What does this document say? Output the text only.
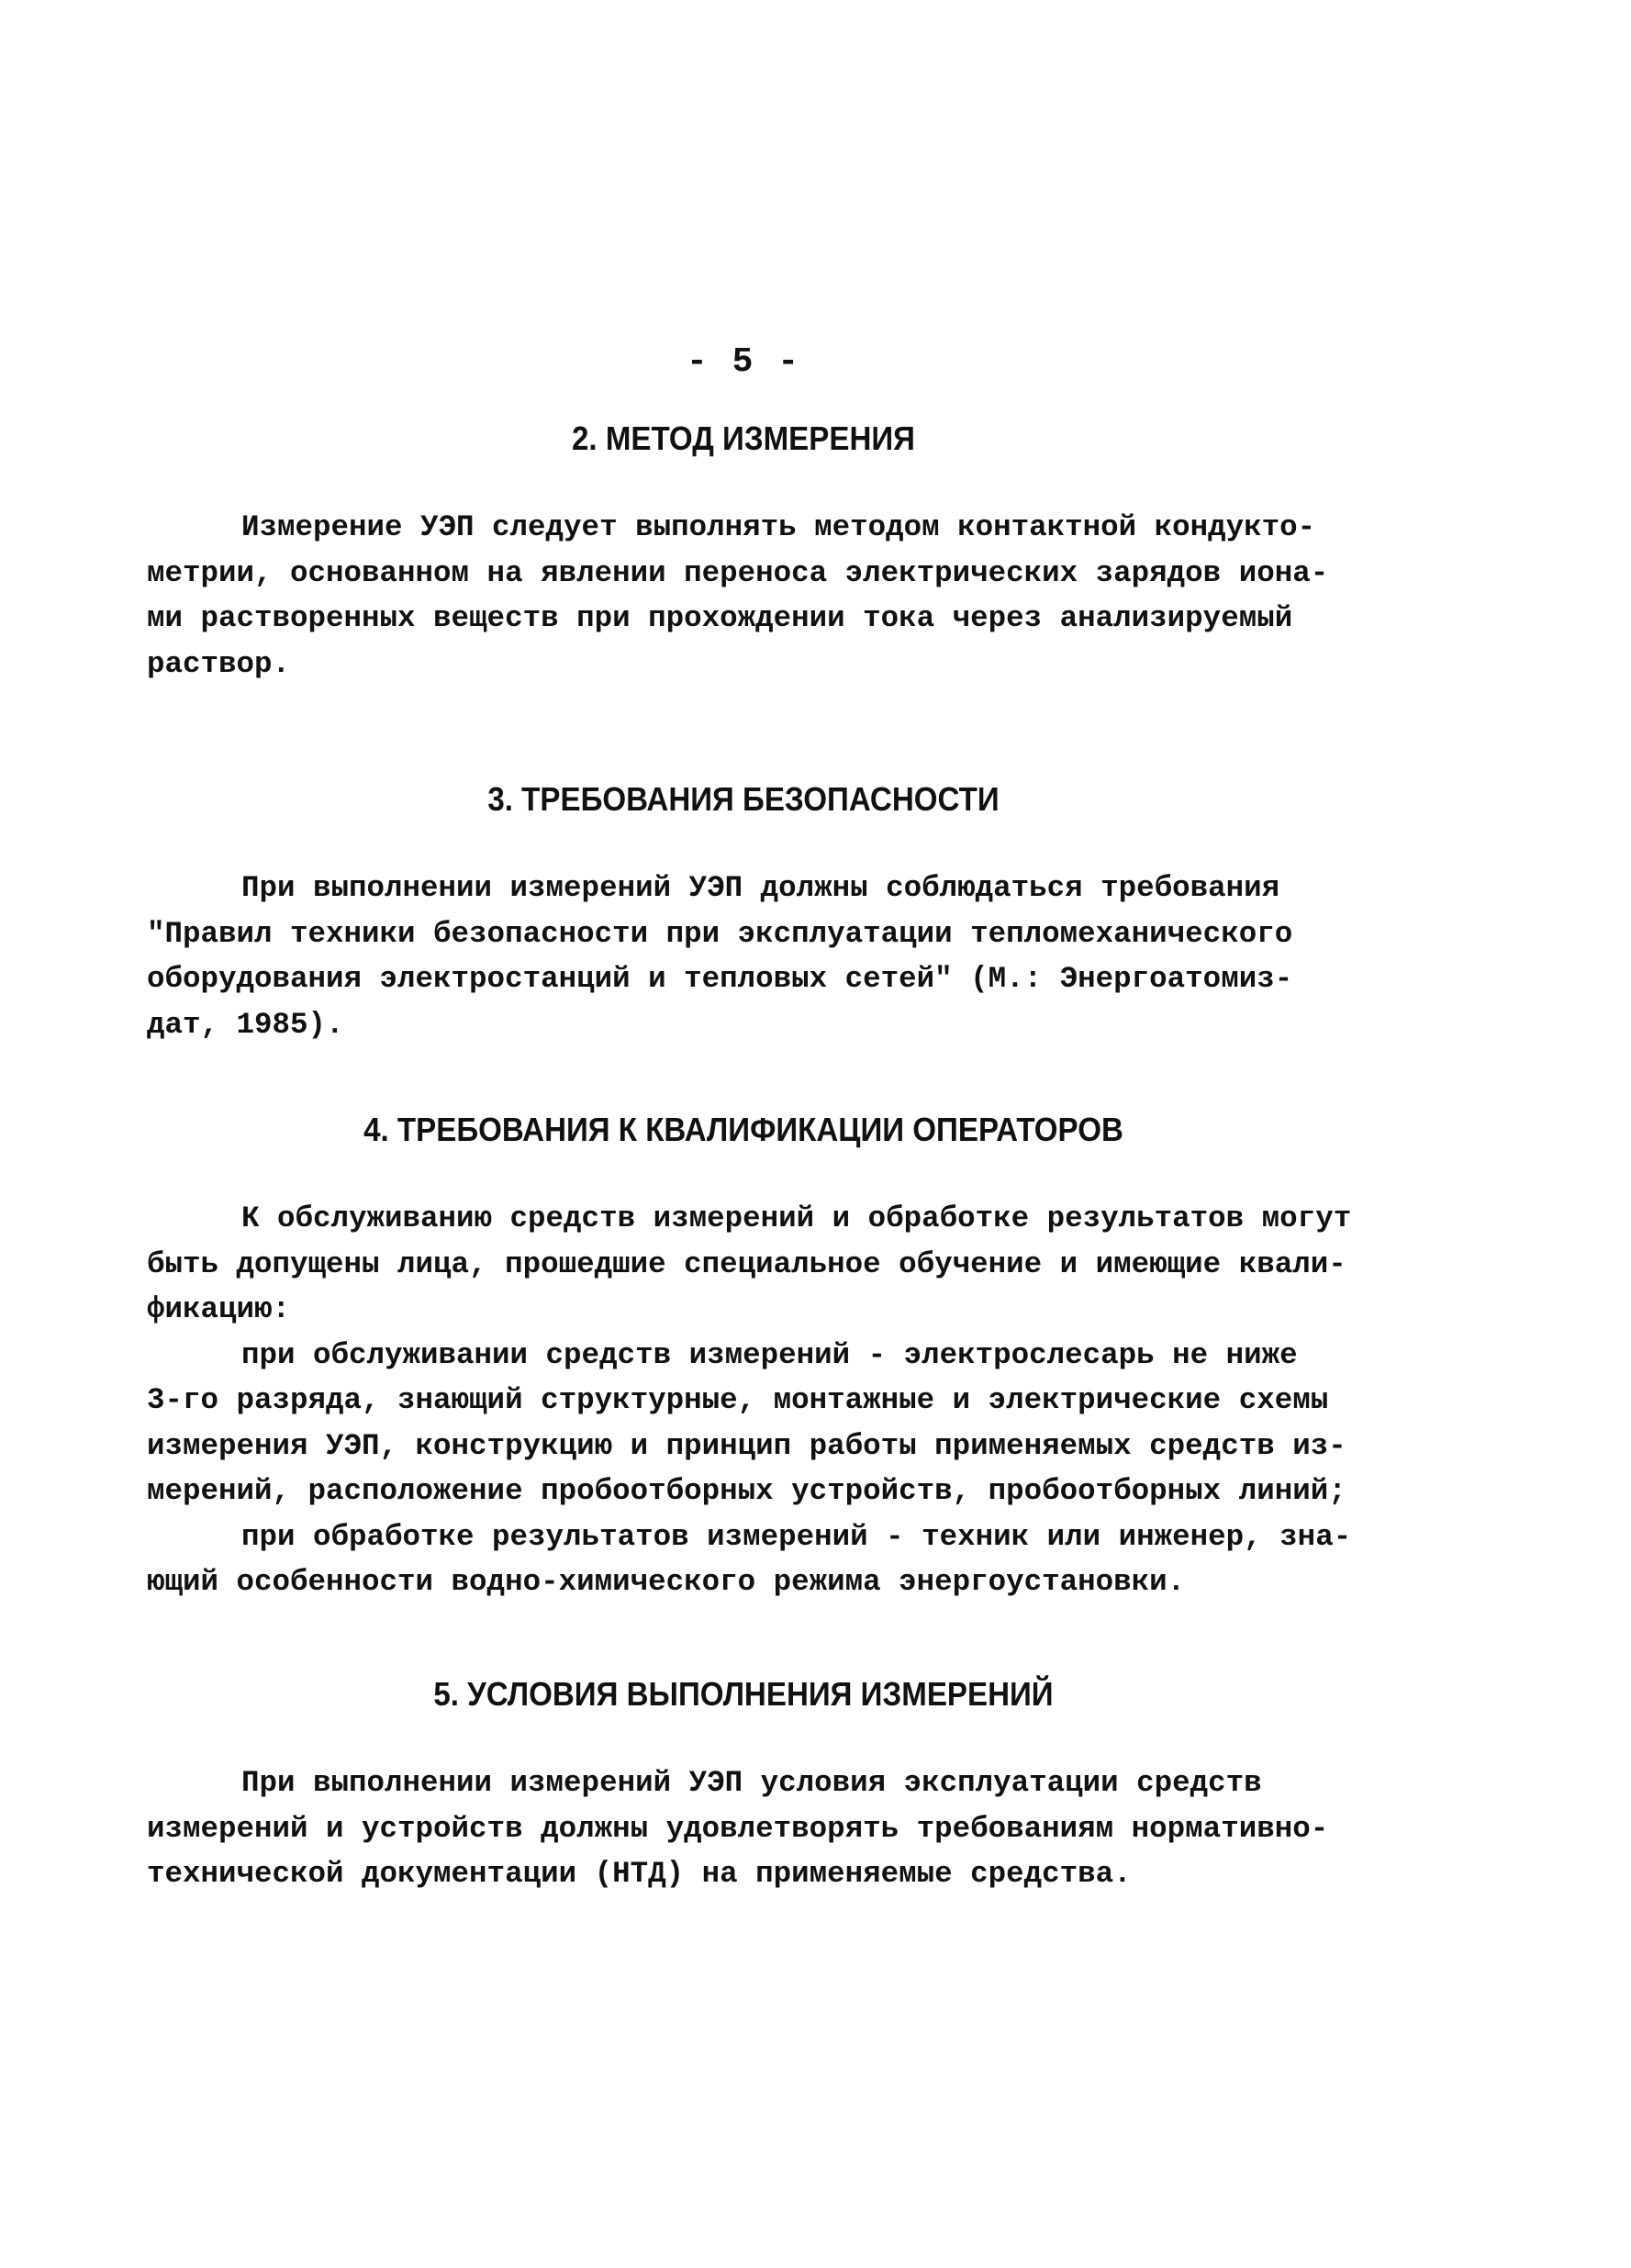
- 5 -
2. МЕТОД ИЗМЕРЕНИЯ
Измерение УЭП следует выполнять методом контактной кондукто-
метрии, основанном на явлении переноса электрических зарядов иона-
ми растворенных веществ при прохождении тока через анализируемый
раствор.
3. ТРЕБОВАНИЯ БЕЗОПАСНОСТИ
При выполнении измерений УЭП должны соблюдаться требования
"Правил техники безопасности при эксплуатации тепломеханического
оборудования электростанций и тепловых сетей" (М.: Энергоатомиз-
дат, 1985).
4. ТРЕБОВАНИЯ К КВАЛИФИКАЦИИ ОПЕРАТОРОВ
К обслуживанию средств измерений и обработке результатов могут
быть допущены лица, прошедшие специальное обучение и имеющие квали-
фикацию:
при обслуживании средств измерений - электрослесарь не ниже
3-го разряда, знающий структурные, монтажные и электрические схемы
измерения УЭП, конструкцию и принцип работы применяемых средств из-
мерений, расположение пробоотборных устройств, пробоотборных линий;
при обработке результатов измерений - техник или инженер, зна-
ющий особенности водно-химического режима энергоустановки.
5. УСЛОВИЯ ВЫПОЛНЕНИЯ ИЗМЕРЕНИЙ
При выполнении измерений УЭП условия эксплуатации средств
измерений и устройств должны удовлетворять требованиям нормативно-
технической документации (НТД) на применяемые средства.
